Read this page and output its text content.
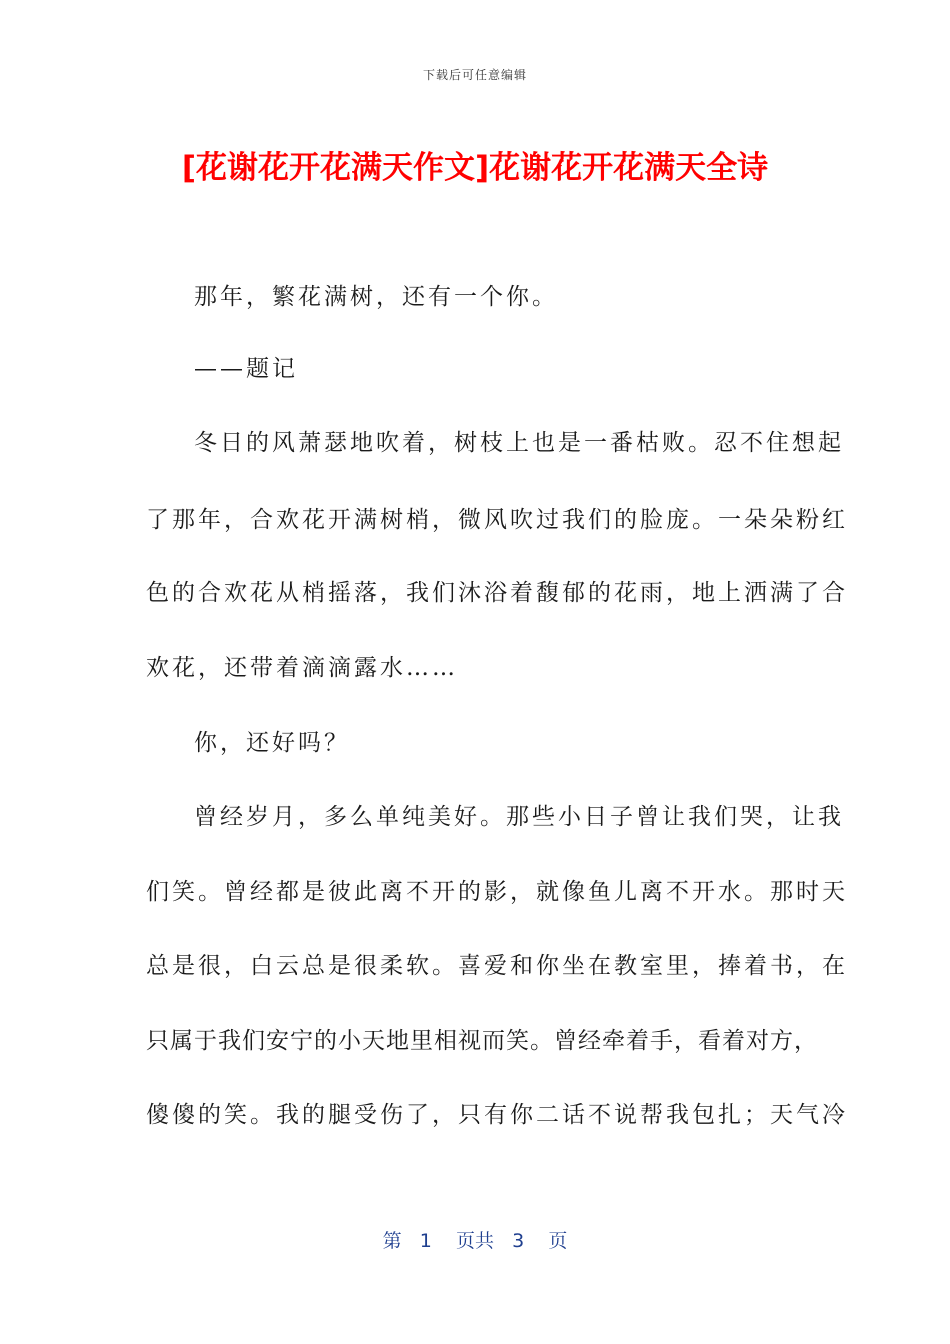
下载后可任意编辑
[花谢花开花满天作文]花谢花开花满天全诗
那年，繁花满树，还有一个你。
——题记
冬日的风萧瑟地吹着，树枝上也是一番枯败。忍不住想起
了那年，合欢花开满树梢，微风吹过我们的脸庞。一朵朵粉红
色的合欢花从梢摇落，我们沐浴着馥郁的花雨，地上洒满了合
欢花，还带着滴滴露水……
你，还好吗？
曾经岁月，多么单纯美好。那些小日子曾让我们哭，让我
们笑。曾经都是彼此离不开的影，就像鱼儿离不开水。那时天
总是很，白云总是很柔软。喜爱和你坐在教室里，捧着书，在
只属于我们安宁的小天地里相视而笑。曾经牵着手，看着对方，
傻傻的笑。我的腿受伤了，只有你二话不说帮我包扎；天气冷
第 1 页共 3 页
